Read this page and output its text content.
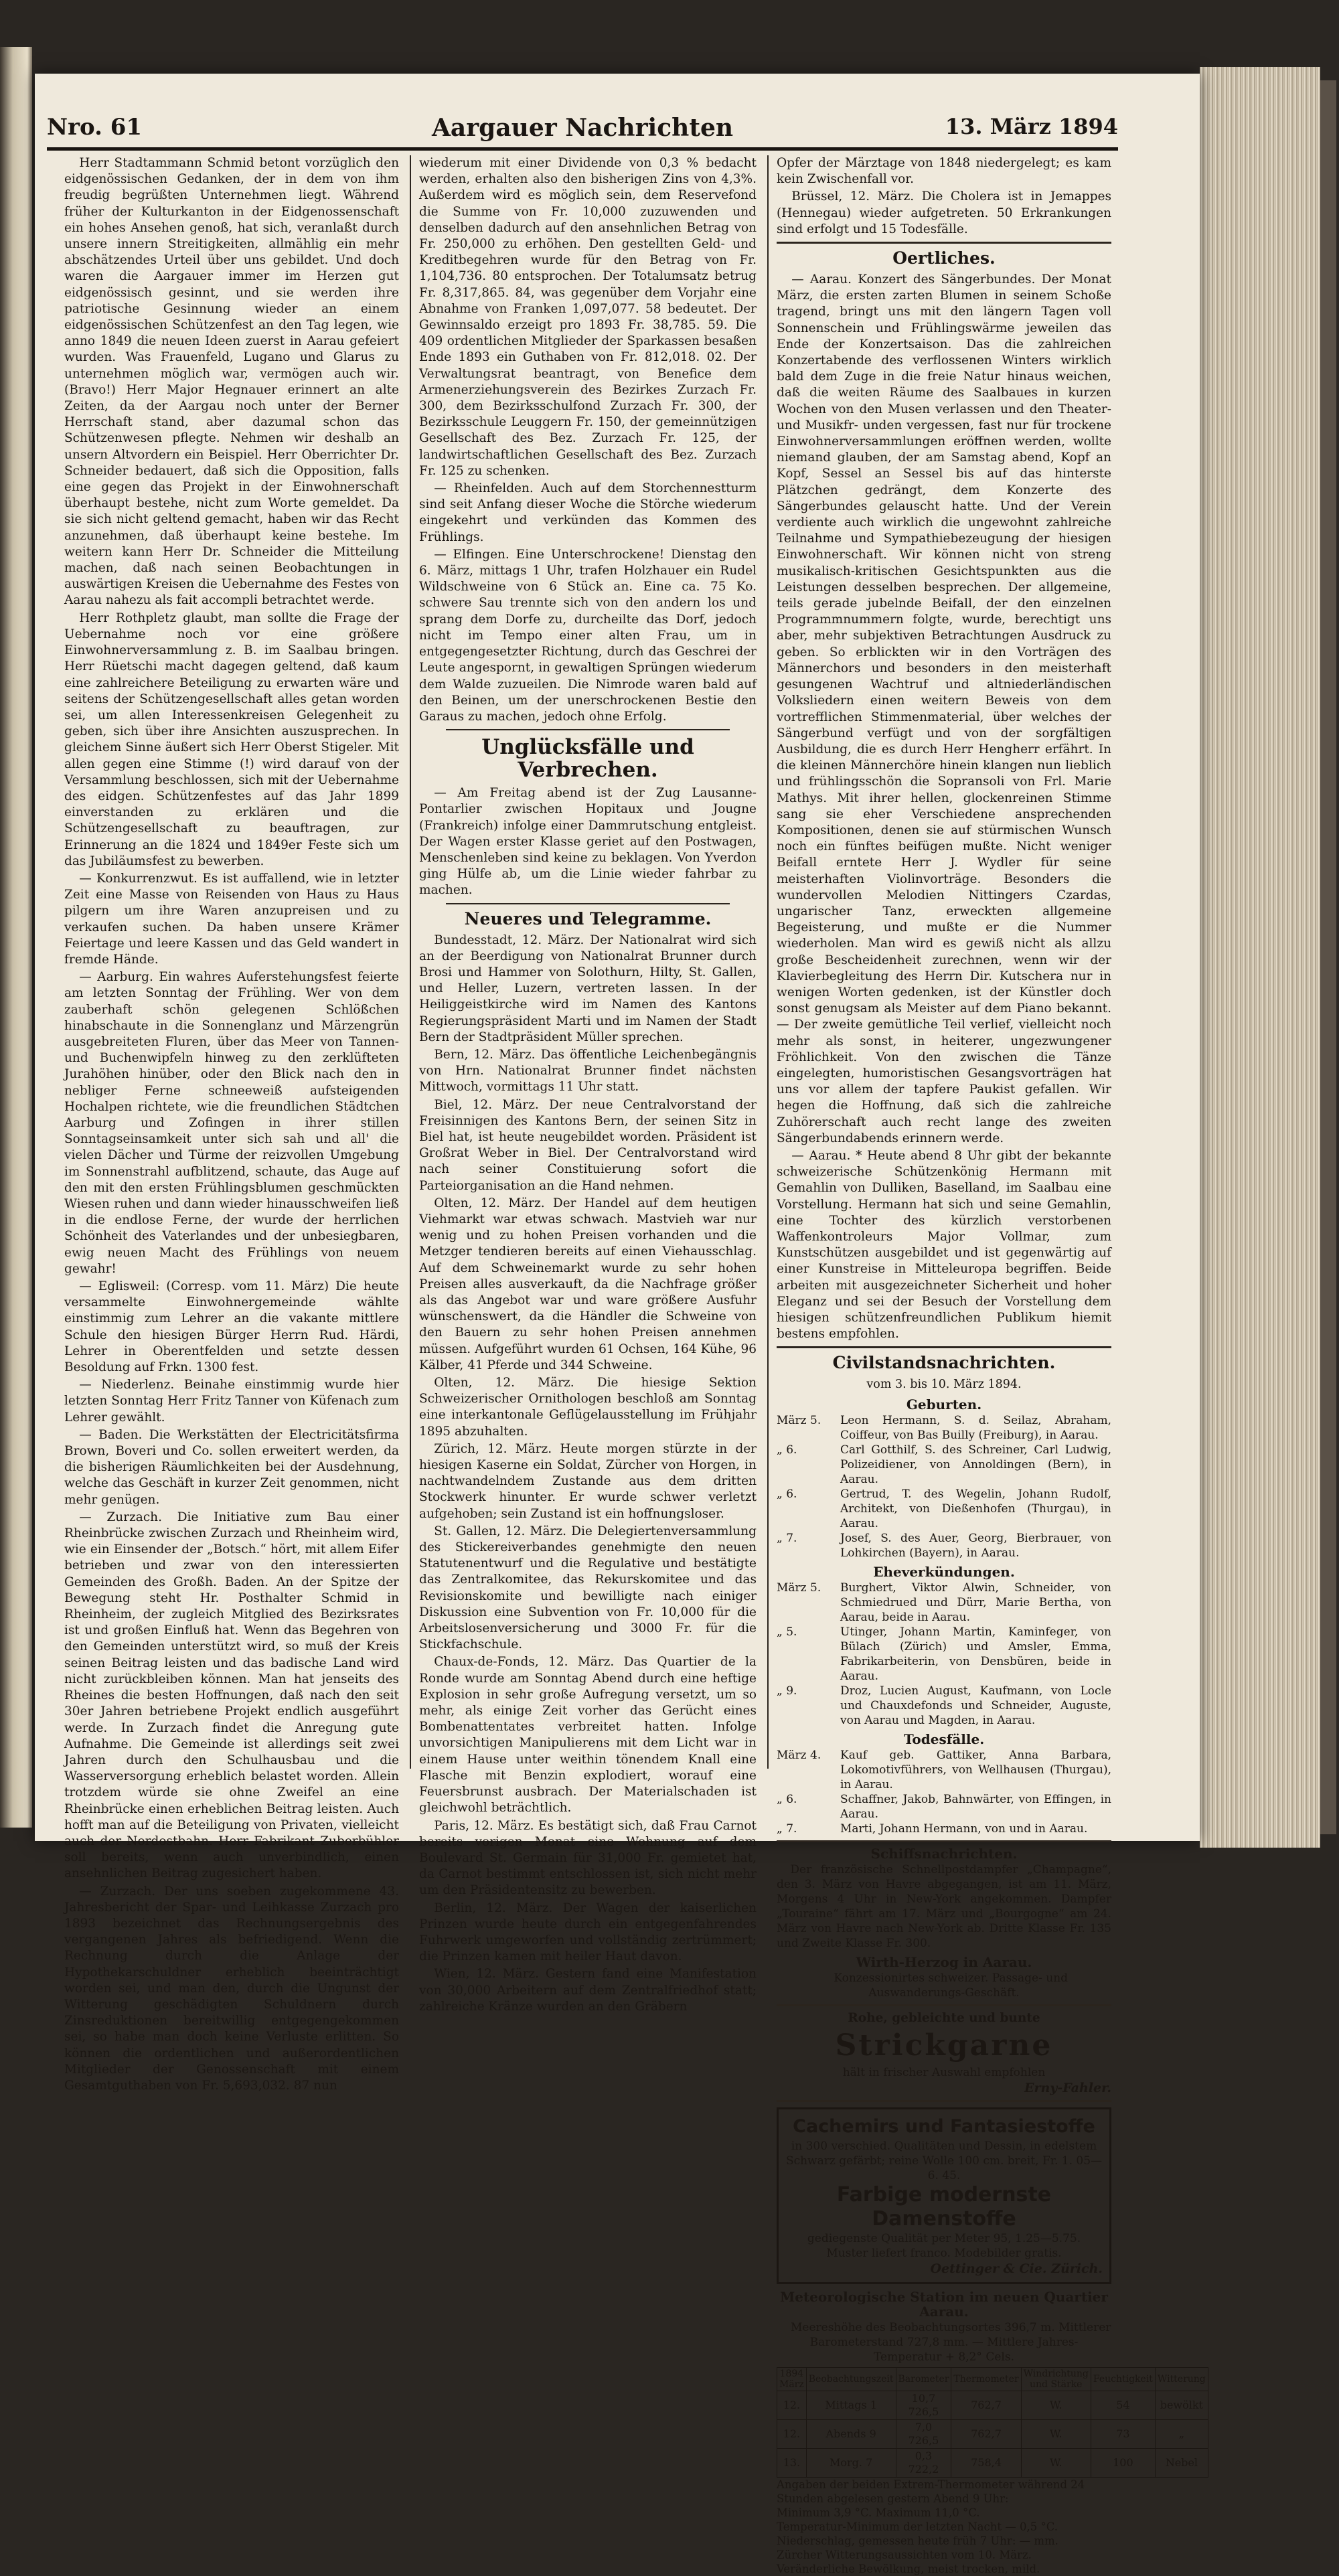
Nro. 61	Aargauer Nachrichten	13. März 1894

Herr Stadtammann Schmid betont vorzüglich den eidgenössischen Gedanken, der in dem von ihm freudig begrüßten Unternehmen liegt. Während früher der Kulturkanton in der Eidgenossenschaft ein hohes Ansehen genoß, hat sich, veranlaßt durch unsere innern Streitigkeiten, allmählig ein mehr abschätzendes Urteil über uns gebildet. Und doch waren die Aargauer immer im Herzen gut eidgenössisch gesinnt, und sie werden ihre patriotische Gesinnung wieder an einem eidgenössischen Schützenfest an den Tag legen, wie anno 1849 die neuen Ideen zuerst in Aarau gefeiert wurden. Was Frauenfeld, Lugano und Glarus zu unternehmen möglich war, vermögen auch wir. (Bravo!) Herr Major Hegnauer erinnert an alte Zeiten, da der Aargau noch unter der Berner Herrschaft stand, aber dazumal schon das Schützenwesen pflegte. Nehmen wir deshalb an unsern Altvordern ein Beispiel. Herr Oberrichter Dr. Schneider bedauert, daß sich die Opposition, falls eine gegen das Projekt in der Einwohnerschaft überhaupt bestehe, nicht zum Worte gemeldet. Da sie sich nicht geltend gemacht, haben wir das Recht anzunehmen, daß überhaupt keine bestehe. Im weitern kann Herr Dr. Schneider die Mitteilung machen, daß nach seinen Beobachtungen in auswärtigen Kreisen die Uebernahme des Festes von Aarau nahezu als fait accompli betrachtet werde.

Herr Rothpletz glaubt, man sollte die Frage der Uebernahme noch vor eine größere Einwohnerversammlung z. B. im Saalbau bringen. Herr Rüetschi macht dagegen geltend, daß kaum eine zahlreichere Beteiligung zu erwarten wäre und seitens der Schützengesellschaft alles getan worden sei, um allen Interessenkreisen Gelegenheit zu geben, sich über ihre Ansichten auszusprechen. In gleichem Sinne äußert sich Herr Oberst Stigeler. Mit allen gegen eine Stimme (!) wird darauf von der Versammlung beschlossen, sich mit der Uebernahme des eidgen. Schützenfestes auf das Jahr 1899 einverstanden zu erklären und die Schützengesellschaft zu beauftragen, zur Erinnerung an die 1824 und 1849er Feste sich um das Jubiläumsfest zu bewerben.

— Konkurrenzwut. Es ist auffallend, wie in letzter Zeit eine Masse von Reisenden von Haus zu Haus pilgern um ihre Waren anzupreisen und zu verkaufen suchen. Da haben unsere Krämer Feiertage und leere Kassen und das Geld wandert in fremde Hände.

— Aarburg. Ein wahres Auferstehungsfest feierte am letzten Sonntag der Frühling. Wer von dem zauberhaft schön gelegenen Schlößchen hinabschaute in die Sonnenglanz und Märzengrün ausgebreiteten Fluren, über das Meer von Tannen- und Buchenwipfeln hinweg zu den zerklüfteten Jurahöhen hinüber, oder den Blick nach den in nebliger Ferne schneeweiß aufsteigenden Hochalpen richtete, wie die freundlichen Städtchen Aarburg und Zofingen in ihrer stillen Sonntagseinsamkeit unter sich sah und all' die vielen Dächer und Türme der reizvollen Umgebung im Sonnenstrahl aufblitzend, schaute, das Auge auf den mit den ersten Frühlingsblumen geschmückten Wiesen ruhen und dann wieder hinausschweifen ließ in die endlose Ferne, der wurde der herrlichen Schönheit des Vaterlandes und der unbesiegbaren, ewig neuen Macht des Frühlings von neuem gewahr!

— Eglisweil: (Corresp. vom 11. März) Die heute versammelte Einwohnergemeinde wählte einstimmig zum Lehrer an die vakante mittlere Schule den hiesigen Bürger Herrn Rud. Härdi, Lehrer in Oberentfelden und setzte dessen Besoldung auf Frkn. 1300 fest.

— Niederlenz. Beinahe einstimmig wurde hier letzten Sonntag Herr Fritz Tanner von Küfenach zum Lehrer gewählt.

— Baden. Die Werkstätten der Electricitätsfirma Brown, Boveri und Co. sollen erweitert werden, da die bisherigen Räumlichkeiten bei der Ausdehnung, welche das Geschäft in kurzer Zeit genommen, nicht mehr genügen.

— Zurzach. Die Initiative zum Bau einer Rheinbrücke zwischen Zurzach und Rheinheim wird, wie ein Einsender der „Botsch.“ hört, mit allem Eifer betrieben und zwar von den interessierten Gemeinden des Großh. Baden. An der Spitze der Bewegung steht Hr. Posthalter Schmid in Rheinheim, der zugleich Mitglied des Bezirksrates ist und großen Einfluß hat. Wenn das Begehren von den Gemeinden unterstützt wird, so muß der Kreis seinen Beitrag leisten und das badische Land wird nicht zurückbleiben können. Man hat jenseits des Rheines die besten Hoffnungen, daß nach den seit 30er Jahren betriebene Projekt endlich ausgeführt werde. In Zurzach findet die Anregung gute Aufnahme. Die Gemeinde ist allerdings seit zwei Jahren durch den Schulhausbau und die Wasserversorgung erheblich belastet worden. Allein trotzdem würde sie ohne Zweifel an eine Rheinbrücke einen erheblichen Beitrag leisten. Auch hofft man auf die Beteiligung von Privaten, vielleicht auch der Nordostbahn. Herr Fabrikant Zuberbühler soll bereits, wenn auch unverbindlich, einen ansehnlichen Beitrag zugesichert haben.

— Zurzach. Der uns soeben zugekommene 43. Jahresbericht der Spar- und Leihkasse Zurzach pro 1893 bezeichnet das Rechnungsergebnis des vergangenen Jahres als befriedigend. Wenn die Rechnung durch die Anlage der Hypothekarschuldner erheblich beeinträchtigt worden sei, und man den, durch die Ungunst der Witterung geschädigten Schuldnern durch Zinsreduktionen bereitwillig entgegengekommen sei, so habe man doch keine Verluste erlitten. So können die ordentlichen und außerordentlichen Mitglieder der Genossenschaft mit einem Gesamtguthaben von Fr. 5,693,032. 87 nun

wiederum mit einer Dividende von 0,3 % bedacht werden, erhalten also den bisherigen Zins von 4,3%. Außerdem wird es möglich sein, dem Reservefond die Summe von Fr. 10,000 zuzuwenden und denselben dadurch auf den ansehnlichen Betrag von Fr. 250,000 zu erhöhen. Den gestellten Geld- und Kreditbegehren wurde für den Betrag von Fr. 1,104,736. 80 entsprochen. Der Totalumsatz betrug Fr. 8,317,865. 84, was gegenüber dem Vorjahr eine Abnahme von Franken 1,097,077. 58 bedeutet. Der Gewinnsaldo erzeigt pro 1893 Fr. 38,785. 59. Die 409 ordentlichen Mitglieder der Sparkassen besaßen Ende 1893 ein Guthaben von Fr. 812,018. 02. Der Verwaltungsrat beantragt, von Benefice dem Armenerziehungsverein des Bezirkes Zurzach Fr. 300, dem Bezirksschulfond Zurzach Fr. 300, der Bezirksschule Leuggern Fr. 150, der gemeinnützigen Gesellschaft des Bez. Zurzach Fr. 125, der landwirtschaftlichen Gesellschaft des Bez. Zurzach Fr. 125 zu schenken.

— Rheinfelden. Auch auf dem Storchennestturm sind seit Anfang dieser Woche die Störche wiederum eingekehrt und verkünden das Kommen des Frühlings.

— Elfingen. Eine Unterschrockene! Dienstag den 6. März, mittags 1 Uhr, trafen Holzhauer ein Rudel Wildschweine von 6 Stück an. Eine ca. 75 Ko. schwere Sau trennte sich von den andern los und sprang dem Dorfe zu, durcheilte das Dorf, jedoch nicht im Tempo einer alten Frau, um in entgegengesetzter Richtung, durch das Geschrei der Leute angespornt, in gewaltigen Sprüngen wiederum dem Walde zuzueilen. Die Nimrode waren bald auf den Beinen, um der unerschrockenen Bestie den Garaus zu machen, jedoch ohne Erfolg.

Unglücksfälle und Verbrechen.

— Am Freitag abend ist der Zug Lausanne-Pontarlier zwischen Hopitaux und Jougne (Frankreich) infolge einer Dammrutschung entgleist. Der Wagen erster Klasse geriet auf den Postwagen, Menschenleben sind keine zu beklagen. Von Yverdon ging Hülfe ab, um die Linie wieder fahrbar zu machen.

Neueres und Telegramme.

Bundesstadt, 12. März. Der Nationalrat wird sich an der Beerdigung von Nationalrat Brunner durch Brosi und Hammer von Solothurn, Hilty, St. Gallen, und Heller, Luzern, vertreten lassen. In der Heiliggeistkirche wird im Namen des Kantons Regierungspräsident Marti und im Namen der Stadt Bern der Stadtpräsident Müller sprechen.

Bern, 12. März. Das öffentliche Leichenbegängnis von Hrn. Nationalrat Brunner findet nächsten Mittwoch, vormittags 11 Uhr statt.

Biel, 12. März. Der neue Centralvorstand der Freisinnigen des Kantons Bern, der seinen Sitz in Biel hat, ist heute neugebildet worden. Präsident ist Großrat Weber in Biel. Der Centralvorstand wird nach seiner Constituierung sofort die Parteiorganisation an die Hand nehmen.

Olten, 12. März. Der Handel auf dem heutigen Viehmarkt war etwas schwach. Mastvieh war nur wenig und zu hohen Preisen vorhanden und die Metzger tendieren bereits auf einen Viehausschlag. Auf dem Schweinemarkt wurde zu sehr hohen Preisen alles ausverkauft, da die Nachfrage größer als das Angebot war und ware größere Ausfuhr wünschenswert, da die Händler die Schweine von den Bauern zu sehr hohen Preisen annehmen müssen. Aufgeführt wurden 61 Ochsen, 164 Kühe, 96 Kälber, 41 Pferde und 344 Schweine.

Olten, 12. März. Die hiesige Sektion Schweizerischer Ornithologen beschloß am Sonntag eine interkantonale Geflügelausstellung im Frühjahr 1895 abzuhalten.

Zürich, 12. März. Heute morgen stürzte in der hiesigen Kaserne ein Soldat, Zürcher von Horgen, in nachtwandelndem Zustande aus dem dritten Stockwerk hinunter. Er wurde schwer verletzt aufgehoben; sein Zustand ist ein hoffnungsloser.

St. Gallen, 12. März. Die Delegiertenversammlung des Stickereiverbandes genehmigte den neuen Statutenentwurf und die Regulative und bestätigte das Zentralkomitee, das Rekurskomitee und das Revisionskomite und bewilligte nach einiger Diskussion eine Subvention von Fr. 10,000 für die Arbeitslosenversicherung und 3000 Fr. für die Stickfachschule.

Chaux-de-Fonds, 12. März. Das Quartier de la Ronde wurde am Sonntag Abend durch eine heftige Explosion in sehr große Aufregung versetzt, um so mehr, als einige Zeit vorher das Gerücht eines Bombenattentates verbreitet hatten. Infolge unvorsichtigen Manipulierens mit dem Licht war in einem Hause unter weithin tönendem Knall eine Flasche mit Benzin explodiert, worauf eine Feuersbrunst ausbrach. Der Materialschaden ist gleichwohl beträchtlich.

Paris, 12. März. Es bestätigt sich, daß Frau Carnot bereits vorigen Monat eine Wohnung auf dem Boulevard St. Germain für 31,000 Fr. gemietet hat, da Carnot bestimmt entschlossen ist, sich nicht mehr um den Präsidentensitz zu bewerben.

Berlin, 12. März. Der Wagen der kaiserlichen Prinzen wurde heute durch ein entgegenfahrendes Fuhrwerk umgeworfen und vollständig zertrümmert; die Prinzen kamen mit heiler Haut davon.

Wien, 12. März. Gestern fand eine Manifestation von 30,000 Arbeitern auf dem Zentralfriedhof statt; zahlreiche Kränze wurden an den Gräbern

Opfer der Märztage von 1848 niedergelegt; es kam kein Zwischenfall vor.

Brüssel, 12. März. Die Cholera ist in Jemappes (Hennegau) wieder aufgetreten. 50 Erkrankungen sind erfolgt und 15 Todesfälle.

Oertliches.

— Aarau. Konzert des Sängerbundes. Der Monat März, die ersten zarten Blumen in seinem Schoße tragend, bringt uns mit den längern Tagen voll Sonnenschein und Frühlingswärme jeweilen das Ende der Konzertsaison. Das die zahlreichen Konzertabende des verflossenen Winters wirklich bald dem Zuge in die freie Natur hinaus weichen, daß die weiten Räume des Saalbaues in kurzen Wochen von den Musen verlassen und den Theater- und Musikfr- unden vergessen, fast nur für trockene Einwohnerversammlungen eröffnen werden, wollte niemand glauben, der am Samstag abend, Kopf an Kopf, Sessel an Sessel bis auf das hinterste Plätzchen gedrängt, dem Konzerte des Sängerbundes gelauscht hatte. Und der Verein verdiente auch wirklich die ungewohnt zahlreiche Teilnahme und Sympathiebezeugung der hiesigen Einwohnerschaft. Wir können nicht von streng musikalisch-kritischen Gesichtspunkten aus die Leistungen desselben besprechen. Der allgemeine, teils gerade jubelnde Beifall, der den einzelnen Programmnummern folgte, wurde, berechtigt uns aber, mehr subjektiven Betrachtungen Ausdruck zu geben. So erblickten wir in den Vorträgen des Männerchors und besonders in den meisterhaft gesungenen Wachtruf und altniederländischen Volksliedern einen weitern Beweis von dem vortrefflichen Stimmenmaterial, über welches der Sängerbund verfügt und von der sorgfältigen Ausbildung, die es durch Herr Hengherr erfährt. In die kleinen Männerchöre hinein klangen nun lieblich und frühlingsschön die Sopransoli von Frl. Marie Mathys. Mit ihrer hellen, glockenreinen Stimme sang sie eher Verschiedene ansprechenden Kompositionen, denen sie auf stürmischen Wunsch noch ein fünftes beifügen mußte. Nicht weniger Beifall erntete Herr J. Wydler für seine meisterhaften Violinvorträge. Besonders die wundervollen Melodien Nittingers Czardas, ungarischer Tanz, erweckten allgemeine Begeisterung, und mußte er die Nummer wiederholen. Man wird es gewiß nicht als allzu große Bescheidenheit zurechnen, wenn wir der Klavierbegleitung des Herrn Dir. Kutschera nur in wenigen Worten gedenken, ist der Künstler doch sonst genugsam als Meister auf dem Piano bekannt. — Der zweite gemütliche Teil verlief, vielleicht noch mehr als sonst, in heiterer, ungezwungener Fröhlichkeit. Von den zwischen die Tänze eingelegten, humoristischen Gesangsvorträgen hat uns vor allem der tapfere Paukist gefallen. Wir hegen die Hoffnung, daß sich die zahlreiche Zuhörerschaft auch recht lange des zweiten Sängerbundabends erinnern werde.

— Aarau. * Heute abend 8 Uhr gibt der bekannte schweizerische Schützenkönig Hermann mit Gemahlin von Dulliken, Baselland, im Saalbau eine Vorstellung. Hermann hat sich und seine Gemahlin, eine Tochter des kürzlich verstorbenen Waffenkontroleurs Major Vollmar, zum Kunstschützen ausgebildet und ist gegenwärtig auf einer Kunstreise in Mitteleuropa begriffen. Beide arbeiten mit ausgezeichneter Sicherheit und hoher Eleganz und sei der Besuch der Vorstellung dem hiesigen schützenfreundlichen Publikum hiemit bestens empfohlen.

Civilstandsnachrichten.

vom 3. bis 10. März 1894.

Geburten.
März 5.	Leon Hermann, S. d. Seilaz, Abraham, Coiffeur, von Bas Builly (Freiburg), in Aarau.
„ 6.	Carl Gotthilf, S. des Schreiner, Carl Ludwig, Polizeidiener, von Annoldingen (Bern), in Aarau.
„ 6.	Gertrud, T. des Wegelin, Johann Rudolf, Architekt, von Dießenhofen (Thurgau), in Aarau.
„ 7.	Josef, S. des Auer, Georg, Bierbrauer, von Lohkirchen (Bayern), in Aarau.
Eheverkündungen.
März 5.	Burghert, Viktor Alwin, Schneider, von Schmiedrued und Dürr, Marie Bertha, von Aarau, beide in Aarau.
„ 5.	Utinger, Johann Martin, Kaminfeger, von Bülach (Zürich) und Amsler, Emma, Fabrikarbeiterin, von Densbüren, beide in Aarau.
„ 9.	Droz, Lucien August, Kaufmann, von Locle und Chauxdefonds und Schneider, Auguste, von Aarau und Magden, in Aarau.
Todesfälle.
März 4.	Kauf geb. Gattiker, Anna Barbara, Lokomotivführers, von Wellhausen (Thurgau), in Aarau.
„ 6.	Schaffner, Jakob, Bahnwärter, von Effingen, in Aarau.
„ 7.	Marti, Johann Hermann, von und in Aarau.
Schiffsnachrichten.

Der französische Schnellpostdampfer „Champagne“, den 3. März von Havre abgegangen, ist am 11. März, Morgens 4 Uhr in New-York angekommen. Dampfer „Touraine“ fährt am 17. März und „Bourgogne“ am 24. März von Havre nach New-York ab. Dritte Klasse Fr. 135 und Zweite Klasse Fr. 300.

Wirth-Herzog in Aarau.

Konzessionirtes schweizer. Passage- und Auswanderungs-Geschäft.

Rohe, gebleichte und bunte
Strickgarne
hält in frischer Auswahl empfohlen
Erny-Fahler.
Cachemirs und Fantasiestoffe
in 300 verschied. Qualitäten und Dessin, in edelstem Schwarz gefärbt; reine Wolle 100 cm. breit, Fr. 1. 05—6. 45.
Farbige modernste Damenstoffe
gediegenste Qualität per Meter 95, 1.25—5.75.
Muster liefert franco. Modebilder gratis.
Oettinger & Cie. Zürich.
Meteorologische Station im neuen Quartier Aarau.

Meereshöhe des Beobachtungsortes 396,7 m. Mittlerer Barometerstand 727,8 mm. — Mittlere Jahres-Temperatur + 8,2° Cels.

1894 März	Beobachtungszeit	Barometer	Thermometer	Windrichtung und Stärke	Feuchtigkeit	Witterung
12.	Mittags 1	10,7 726,5	762,7	W.	54	bewölkt
12.	Abends 9	7,0 726,5	762,7	W.	73	„
13.	Morg. 7	0,3 722,2	758,4	W.	100	Nebel
Angaben der beiden Extrem-Thermometer während 24 Stunden abgelesen gestern Abend 9 Uhr:
Minimum 3,9 °C. Maximum 11,0 °C.
Temperatur-Minimum der letzten Nacht — 0,5 °C.
Niederschlag, gemessen heute früh 7 Uhr: — mm.
Zürcher Witterungsaussichten vom 10. März. Veränderliche Bewölkung, meist trocken, mild.
